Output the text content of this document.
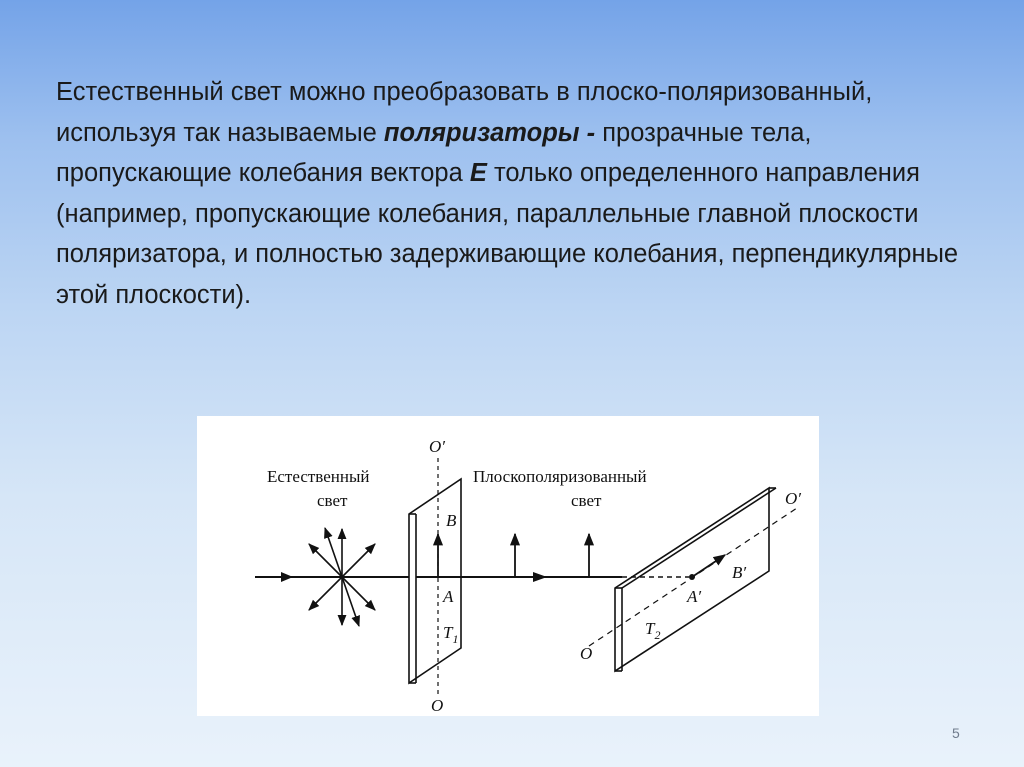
Естественный свет можно преобразовать в плоско-поляризованный, используя так называемые поляризаторы - прозрачные тела, пропускающие колебания вектора E только определенного направления (например, пропускающие колебания, параллельные главной плоскости поляризатора, и полностью задерживающие колебания, перпендикулярные этой плоскости).

Естественный
свет
Плоскополяризованный
свет
O′
O
B
A
$T_1$
O′
B′
A′
$T_2$
O
5
